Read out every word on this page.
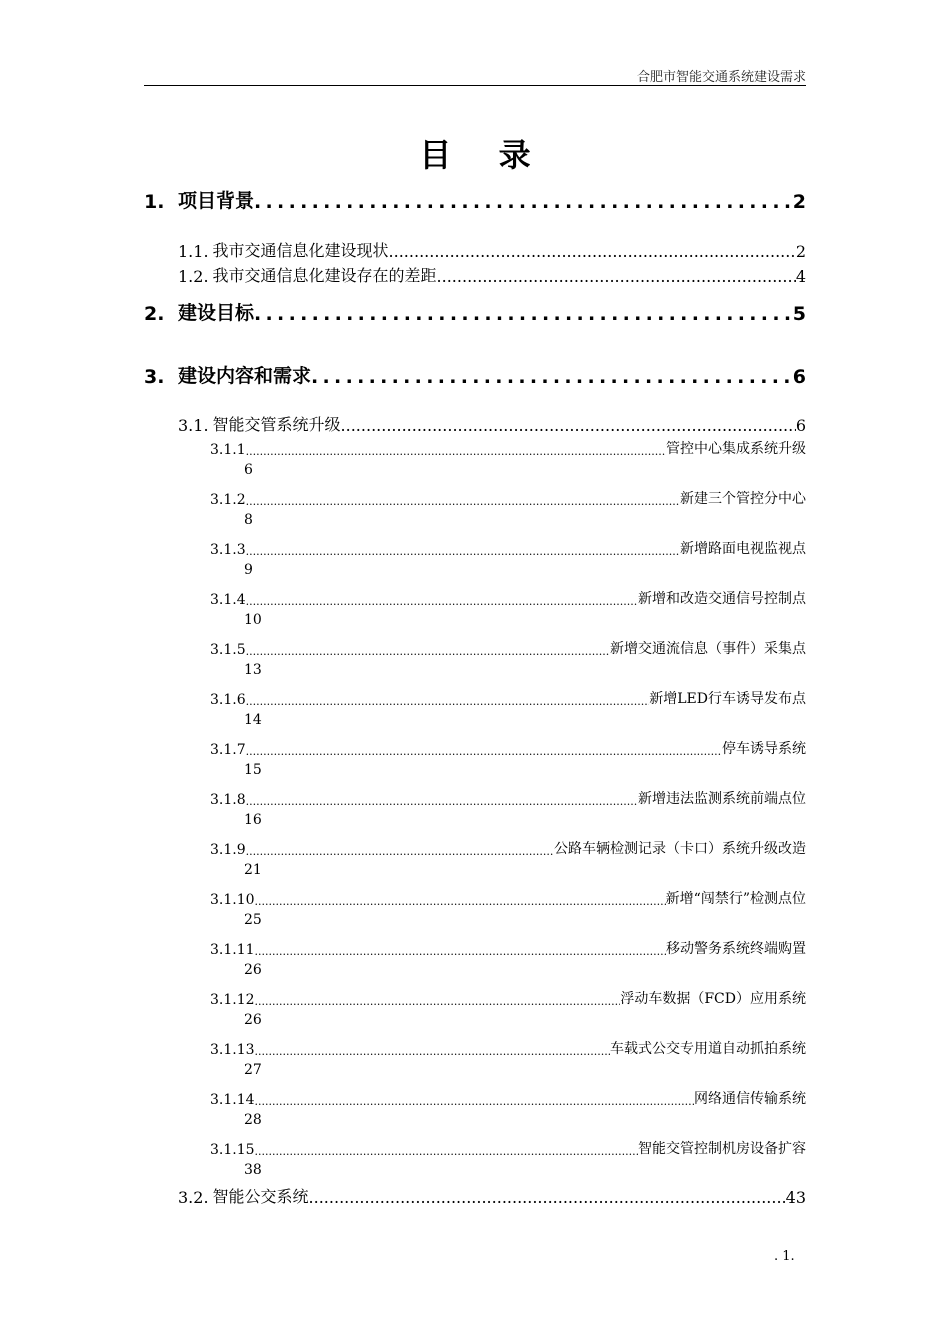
合肥市智能交通系统建设需求
目 录
1. 项目背景 .....	2
1.1. 我市交通信息化建设现状 .....	2
1.2. 我市交通信息化建设存在的差距 .....	4
2. 建设目标 .....	5
3. 建设内容和需求 .....	6
3.1. 智能交管系统升级 .....	6
3.1.1 .....	管控中心集成系统升级
6
3.1.2 .....	新建三个管控分中心
8
3.1.3 .....	新增路面电视监视点
9
3.1.4 .....	新增和改造交通信号控制点
10
3.1.5 .....	新增交通流信息（事件）采集点
13
3.1.6 .....	新增LED行车诱导发布点
14
3.1.7 .....	停车诱导系统
15
3.1.8 .....	新增违法监测系统前端点位
16
3.1.9 .....	公路车辆检测记录（卡口）系统升级改造
21
3.1.10 .....	新增“闯禁行”检测点位
25
3.1.11 .....	移动警务系统终端购置
26
3.1.12 .....	浮动车数据（FCD）应用系统
26
3.1.13 .....	车载式公交专用道自动抓拍系统
27
3.1.14 .....	网络通信传输系统
28
3.1.15 .....	智能交管控制机房设备扩容
38
3.2. 智能公交系统 .....	43
. 1.
